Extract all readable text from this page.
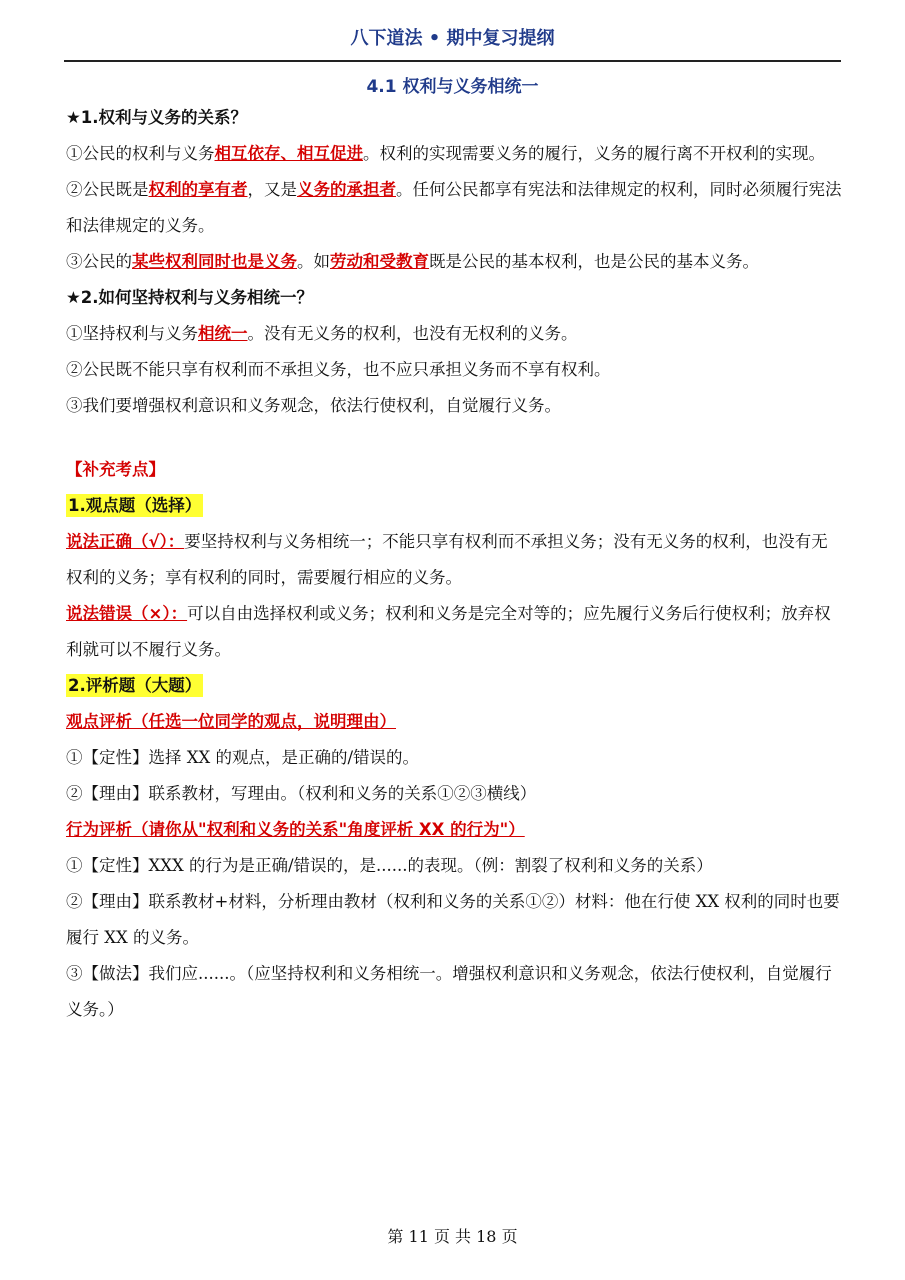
八下道法 • 期中复习提纲
4.1 权利与义务相统一

★1.权利与义务的关系？

①公民的权利与义务相互依存、相互促进。权利的实现需要义务的履行，义务的履行离不开权利的实现。

②公民既是权利的享有者，又是义务的承担者。任何公民都享有宪法和法律规定的权利，同时必须履行宪法和法律规定的义务。

③公民的某些权利同时也是义务。如劳动和受教育既是公民的基本权利，也是公民的基本义务。

★2.如何坚持权利与义务相统一？

①坚持权利与义务相统一。没有无义务的权利，也没有无权利的义务。

②公民既不能只享有权利而不承担义务，也不应只承担义务而不享有权利。

③我们要增强权利意识和义务观念，依法行使权利，自觉履行义务。

【补充考点】

1.观点题（选择）

说法正确（√）：要坚持权利与义务相统一；不能只享有权利而不承担义务；没有无义务的权利，也没有无权利的义务；享有权利的同时，需要履行相应的义务。

说法错误（×）：可以自由选择权利或义务；权利和义务是完全对等的；应先履行义务后行使权利；放弃权利就可以不履行义务。

2.评析题（大题）

观点评析（任选一位同学的观点，说明理由）

①【定性】选择 XX 的观点，是正确的/错误的。

②【理由】联系教材，写理由。（权利和义务的关系①②③横线）

行为评析（请你从"权利和义务的关系"角度评析 XX 的行为"）

①【定性】XXX 的行为是正确/错误的，是......的表现。（例：割裂了权利和义务的关系）

②【理由】联系教材+材料，分析理由教材（权利和义务的关系①②）材料：他在行使 XX 权利的同时也要履行 XX 的义务。

③【做法】我们应......。（应坚持权利和义务相统一。增强权利意识和义务观念，依法行使权利，自觉履行义务。）

第 11 页 共 18 页
